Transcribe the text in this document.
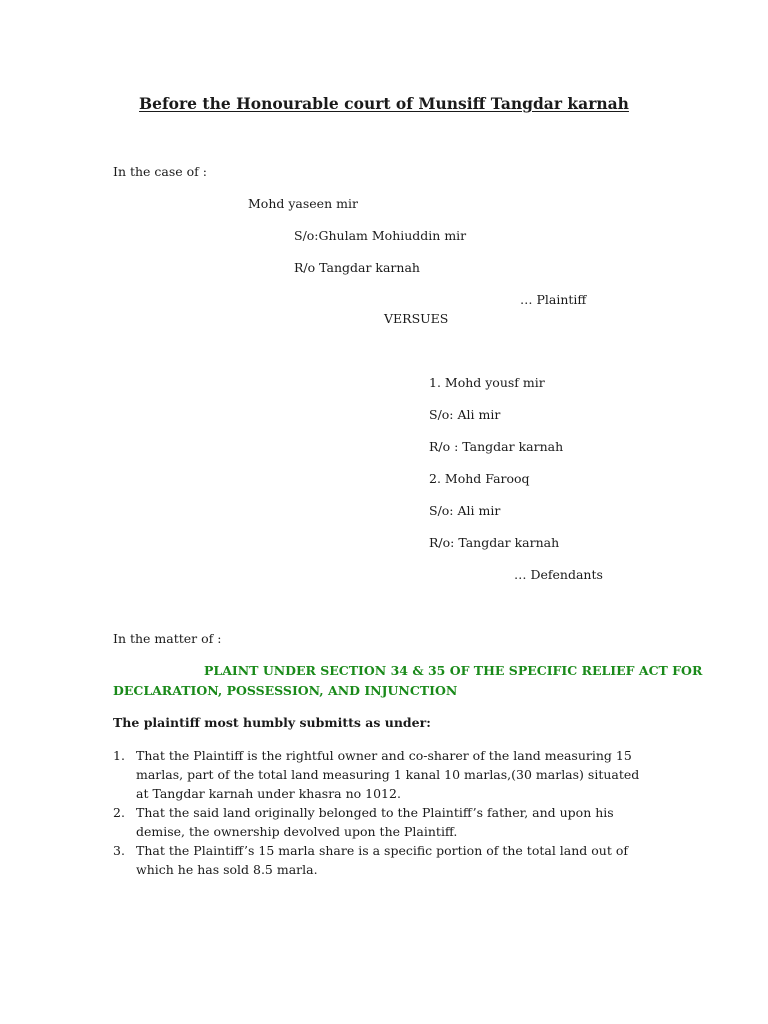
Before the Honourable court of Munsiff Tangdar karnah
In the case of :
Mohd yaseen mir
S/o:Ghulam Mohiuddin mir
R/o Tangdar karnah
… Plaintiff
VERSUES
1. Mohd yousf mir
S/o: Ali mir
R/o : Tangdar karnah
2. Mohd Farooq
S/o: Ali mir
R/o: Tangdar karnah
… Defendants
In the matter of :
PLAINT UNDER SECTION 34 & 35 OF THE SPECIFIC RELIEF ACT FOR
DECLARATION, POSSESSION, AND INJUNCTION
The plaintiff most humbly submitts as under:
1. That the Plaintiff is the rightful owner and co-sharer of the land measuring 15 marlas, part of the total land measuring 1 kanal 10 marlas,(30 marlas) situated at Tangdar karnah under khasra no 1012.
2. That the said land originally belonged to the Plaintiff’s father, and upon his demise, the ownership devolved upon the Plaintiff.
3. That the Plaintiff’s 15 marla share is a specific portion of the total land out of which he has sold 8.5 marla.
